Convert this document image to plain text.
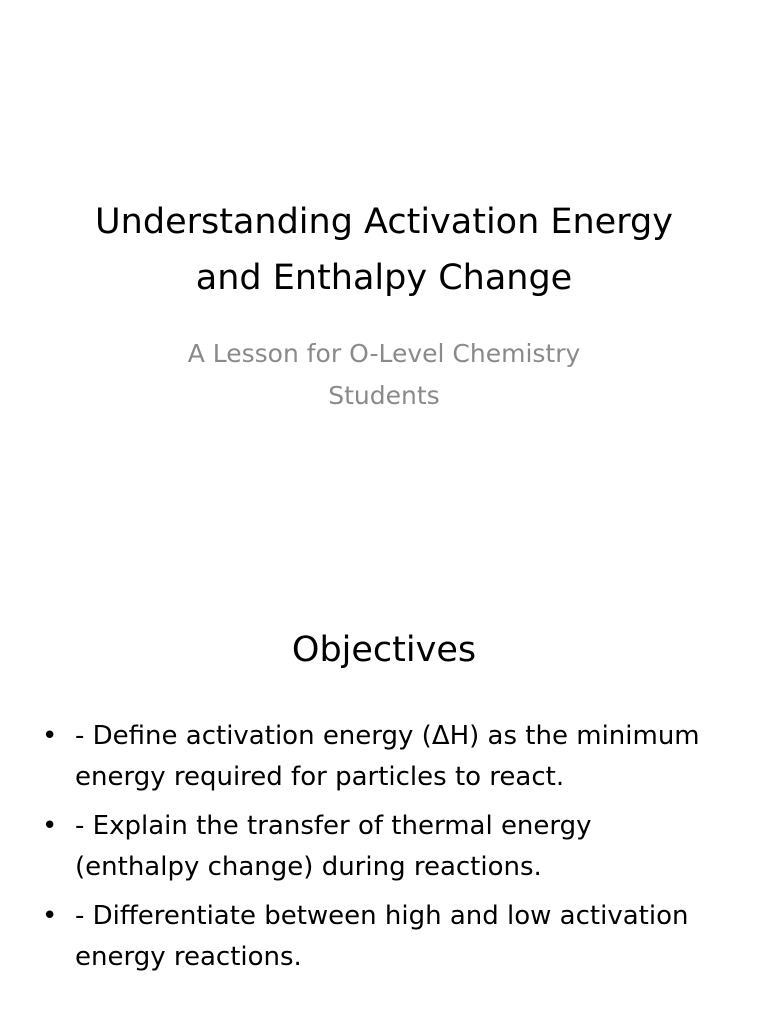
Understanding Activation Energy
and Enthalpy Change
A Lesson for O-Level Chemistry
Students
Objectives
• - Define activation energy (ΔH) as the minimum energy required for particles to react.
• - Explain the transfer of thermal energy (enthalpy change) during reactions.
• - Differentiate between high and low activation energy reactions.
